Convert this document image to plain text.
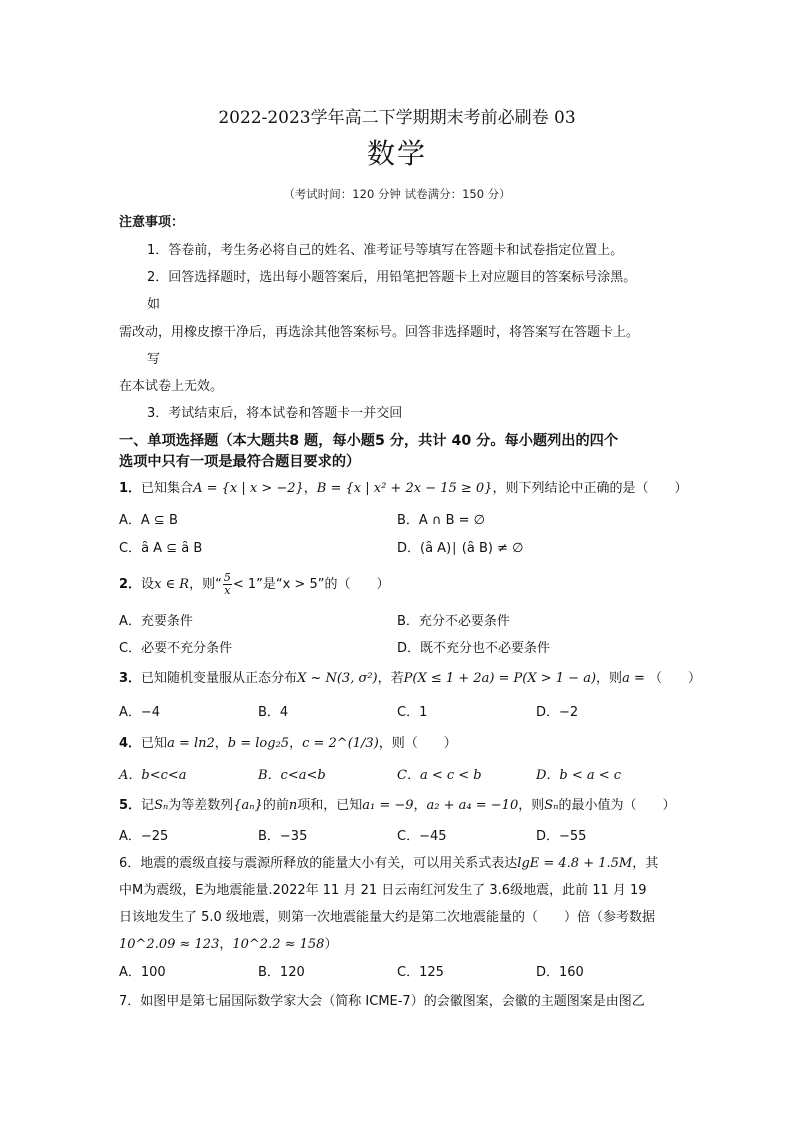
2022-2023学年高二下学期期末考前必刷卷 03
数学
（考试时间：120 分钟 试卷满分：150 分）
注意事项：
1．答卷前，考生务必将自己的姓名、准考证号等填写在答题卡和试卷指定位置上。
2．回答选择题时，选出每小题答案后，用铅笔把答题卡上对应题目的答案标号涂黑。
如
需改动，用橡皮擦干净后，再选涂其他答案标号。回答非选择题时，将答案写在答题卡上。
写
在本试卷上无效。
3．考试结束后，将本试卷和答题卡一并交回
一、单项选择题（本大题共8 题，每小题5 分，共计 40 分。每小题列出的四个
选项中只有一项是最符合题目要求的）
1．已知集合A = {x | x > −2}，B = {x | x² + 2x − 15 ≥ 0}，则下列结论中正确的是（　　）
A．A ⊆ B	B．A ∩ B = ∅
C．ȃ A ⊆ ȃ B	D．(ȃ A)∣ (ȃ B) ≠ ∅
2． 设 x ∈ R ，则“ $\frac{5}{x} < 1$”是“x > 5”的（　　）
A．充要条件	B．充分不必要条件
C．必要不充分条件	D．既不充分也不必要条件
3．已知随机变量服从正态分布X ~ N(3, σ²)，若P(X ≤ 1 + 2a) = P(X > 1 − a)，则a = （　　）
A．−4	B．4	C．1	D．−2
4．已知a = ln2，b = log₂5，c = 2^(1/3)，则（　　）
A．b<c<a	B．c<a<b	C．a < c < b	D．b < a < c
5．记Sₙ为等差数列{aₙ}的前n项和，已知a₁ = −9，a₂ + a₄ = −10，则Sₙ的最小值为（　　）
A．−25	B．−35	C．−45	D．−55
6．地震的震级直接与震源所释放的能量大小有关，可以用关系式表达lgE = 4.8 + 1.5M，其
中M为震级，E为地震能量.2022年 11 月 21 日云南红河发生了 3.6级地震，此前 11 月 19
日该地发生了 5.0 级地震，则第一次地震能量大约是第二次地震能量的（　　）倍（参考数据
10^2.09 ≈ 123，10^2.2 ≈ 158）
A．100	B．120	C．125	D．160
7．如图甲是第七届国际数学家大会（简称 ICME-7）的会徽图案，会徽的主题图案是由图乙
